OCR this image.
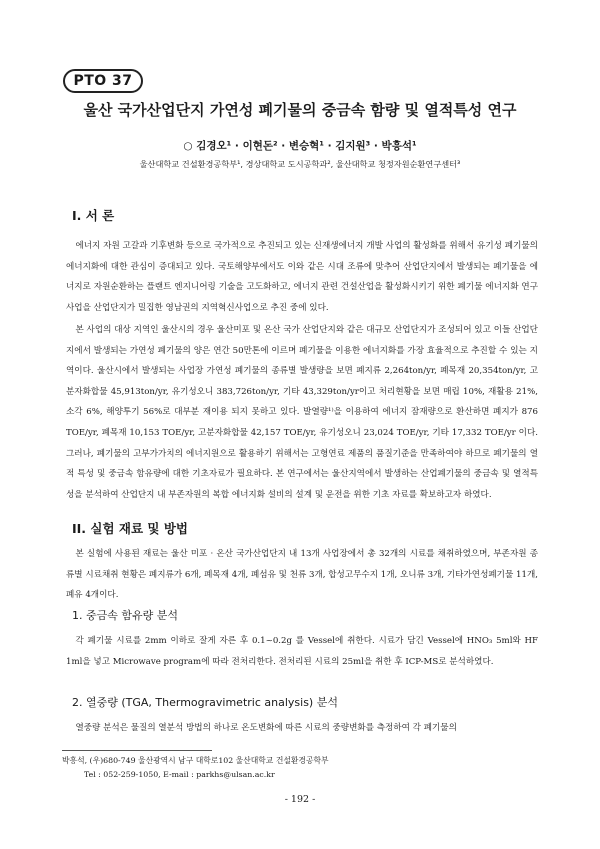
PTO 37
울산 국가산업단지 가연성 폐기물의 중금속 함량 및 열적특성 연구
○ 김경오¹ · 이현돈² · 변승혁¹ · 김지원³ · 박흥석¹
울산대학교 건설환경공학부¹, 경상대학교 도시공학과², 울산대학교 청정자원순환연구센터³
I. 서 론

에너지 자원 고갈과 기후변화 등으로 국가적으로 추진되고 있는 신재생에너지 개발 사업의 활성화를 위해서 유기성 폐기물의 에너지화에 대한 관심이 증대되고 있다. 국토해양부에서도 이와 같은 시대 조류에 맞추어 산업단지에서 발생되는 폐기물을 에너지로 자원순환하는 플랜트 엔지니어링 기술을 고도화하고, 에너지 관련 건설산업을 활성화시키기 위한 폐기물 에너지화 연구사업을 산업단지가 밀집한 영남권의 지역혁신사업으로 추진 중에 있다.

본 사업의 대상 지역인 울산시의 경우 울산미포 및 온산 국가 산업단지와 같은 대규모 산업단지가 조성되어 있고 이들 산업단지에서 발생되는 가연성 폐기물의 양은 연간 50만톤에 이르며 폐기물을 이용한 에너지화를 가장 효율적으로 추진할 수 있는 지역이다. 울산시에서 발생되는 사업장 가연성 폐기물의 종류별 발생량을 보면 폐지류 2,264ton/yr, 폐목재 20,354ton/yr, 고분자화합물 45,913ton/yr, 유기성오니 383,726ton/yr, 기타 43,329ton/yr이고 처리현황을 보면 매립 10%, 재활용 21%, 소각 6%, 해양투기 56%로 대부분 재이용 되지 못하고 있다. 발열량¹⁾을 이용하여 에너지 잠재량으로 환산하면 폐지가 876 TOE/yr, 폐목재 10,153 TOE/yr, 고분자화합물 42,157 TOE/yr, 유기성오니 23,024 TOE/yr, 기타 17,332 TOE/yr 이다. 그러나, 폐기물의 고부가가치의 에너지원으로 활용하기 위해서는 고형연료 제품의 품질기준을 만족하여야 하므로 폐기물의 열적 특성 및 중금속 함유량에 대한 기초자료가 필요하다. 본 연구에서는 울산지역에서 발생하는 산업폐기물의 중금속 및 열적특성을 분석하여 산업단지 내 부존자원의 복합 에너지화 설비의 설계 및 운전을 위한 기초 자료를 확보하고자 하였다.

II. 실험 재료 및 방법

본 실험에 사용된 재료는 울산 미포 · 온산 국가산업단지 내 13개 사업장에서 총 32개의 시료를 채취하였으며, 부존자원 종류별 시료채취 현황은 폐지류가 6개, 폐목재 4개, 폐섬유 및 천류 3개, 합성고무수지 1개, 오니류 3개, 기타가연성폐기물 11개, 폐유 4개이다.

1. 중금속 함유량 분석

각 폐기물 시료를 2mm 이하로 잘게 자른 후 0.1~0.2g 를 Vessel에 취한다. 시료가 담긴 Vessel에 HNO₃ 5ml와 HF 1ml을 넣고 Microwave program에 따라 전처리한다. 전처리된 시료의 25ml을 취한 후 ICP-MS로 분석하였다.

2. 열중량 (TGA, Thermogravimetric analysis) 분석

열중량 분석은 물질의 열분석 방법의 하나로 온도변화에 따른 시료의 중량변화를 측정하여 각 폐기물의

박흥석, (우)680-749 울산광역시 남구 대학로102 울산대학교 건설환경공학부
Tel : 052-259-1050, E-mail : parkhs@ulsan.ac.kr
- 192 -
